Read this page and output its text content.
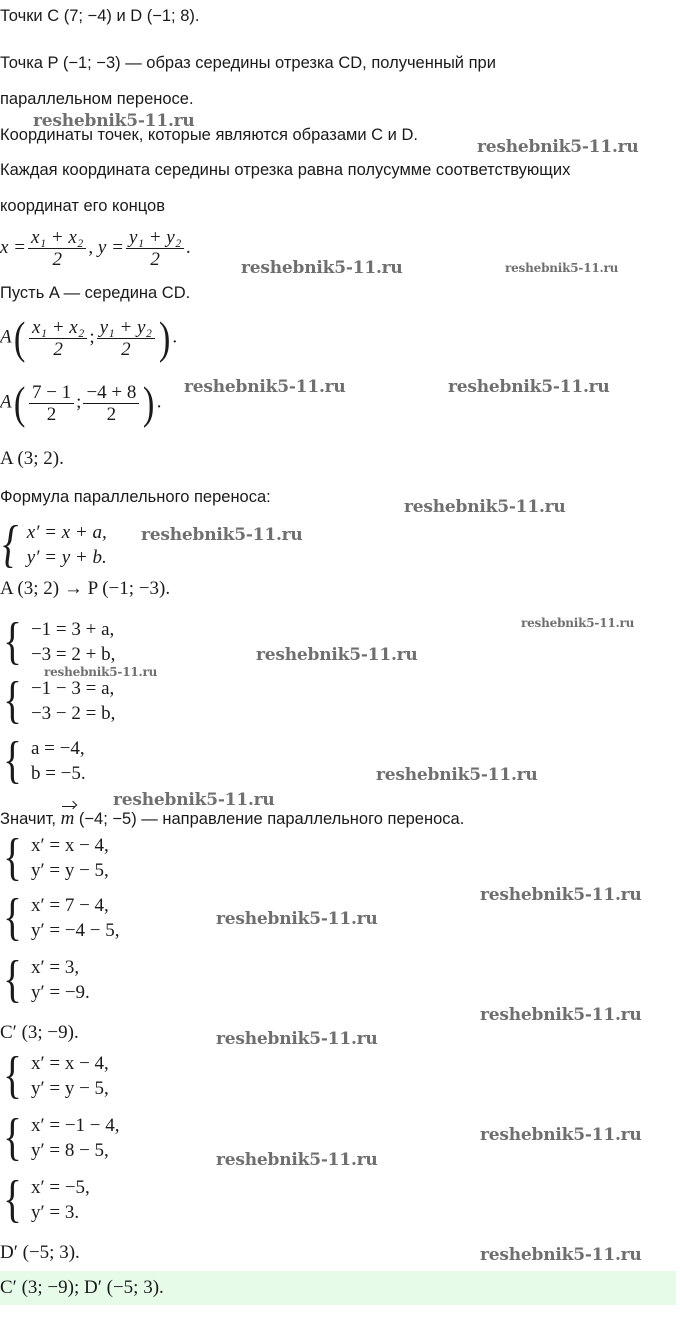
Точки C (7; −4) и D (−1; 8).
Точка P (−1; −3) — образ середины отрезка CD, полученный при
параллельном переносе.
Координаты точек, которые являются образами C и D.
Каждая координата середины отрезка равна полусумме соответствующих
координат его концов
$x = \frac{\text{x₁ + x₂}}{2}$ , $y = \frac{\text{y₁ + y₂}}{2}$ .
Пусть A — середина CD.
$A( \frac{\text{x₁ + x₂}}{2}$ ; $\frac{\text{y₁ + y₂}}{2}$ ) .
$A( \frac{7 - 1}{2}$ ; $\frac{-4 + 8}{2}$ ) .
A (3; 2).
Формула параллельного переноса:
{ x′ = x + a,
y′ = y + b.
A (3; 2) → P (−1; −3).
{ −1 = 3 + a,
−3 = 2 + b,
{ −1 − 3 = a,
−3 − 2 = b,
{ a = −4,
b = −5.
Значит, m (−4; −5) — направление параллельного переноса.
{ x′ = x − 4,
y′ = y − 5,
{ x′ = 7 − 4,
y′ = −4 − 5,
{ x′ = 3,
y′ = −9.
C′ (3; −9).
{ x′ = x − 4,
y′ = y − 5,
{ x′ = −1 − 4,
y′ = 8 − 5,
{ x′ = −5,
y′ = 3.
D′ (−5; 3).
C′ (3; −9); D′ (−5; 3).
reshebnik5-11.ru
reshebnik5-11.ru
reshebnik5-11.ru	reshebnik5-11.ru
reshebnik5-11.ru	reshebnik5-11.ru
reshebnik5-11.ru
reshebnik5-11.ru
reshebnik5-11.ru
reshebnik5-11.ru
reshebnik5-11.ru
reshebnik5-11.ru
reshebnik5-11.ru
reshebnik5-11.ru
reshebnik5-11.ru
reshebnik5-11.ru
reshebnik5-11.ru
reshebnik5-11.ru
reshebnik5-11.ru
reshebnik5-11.ru
